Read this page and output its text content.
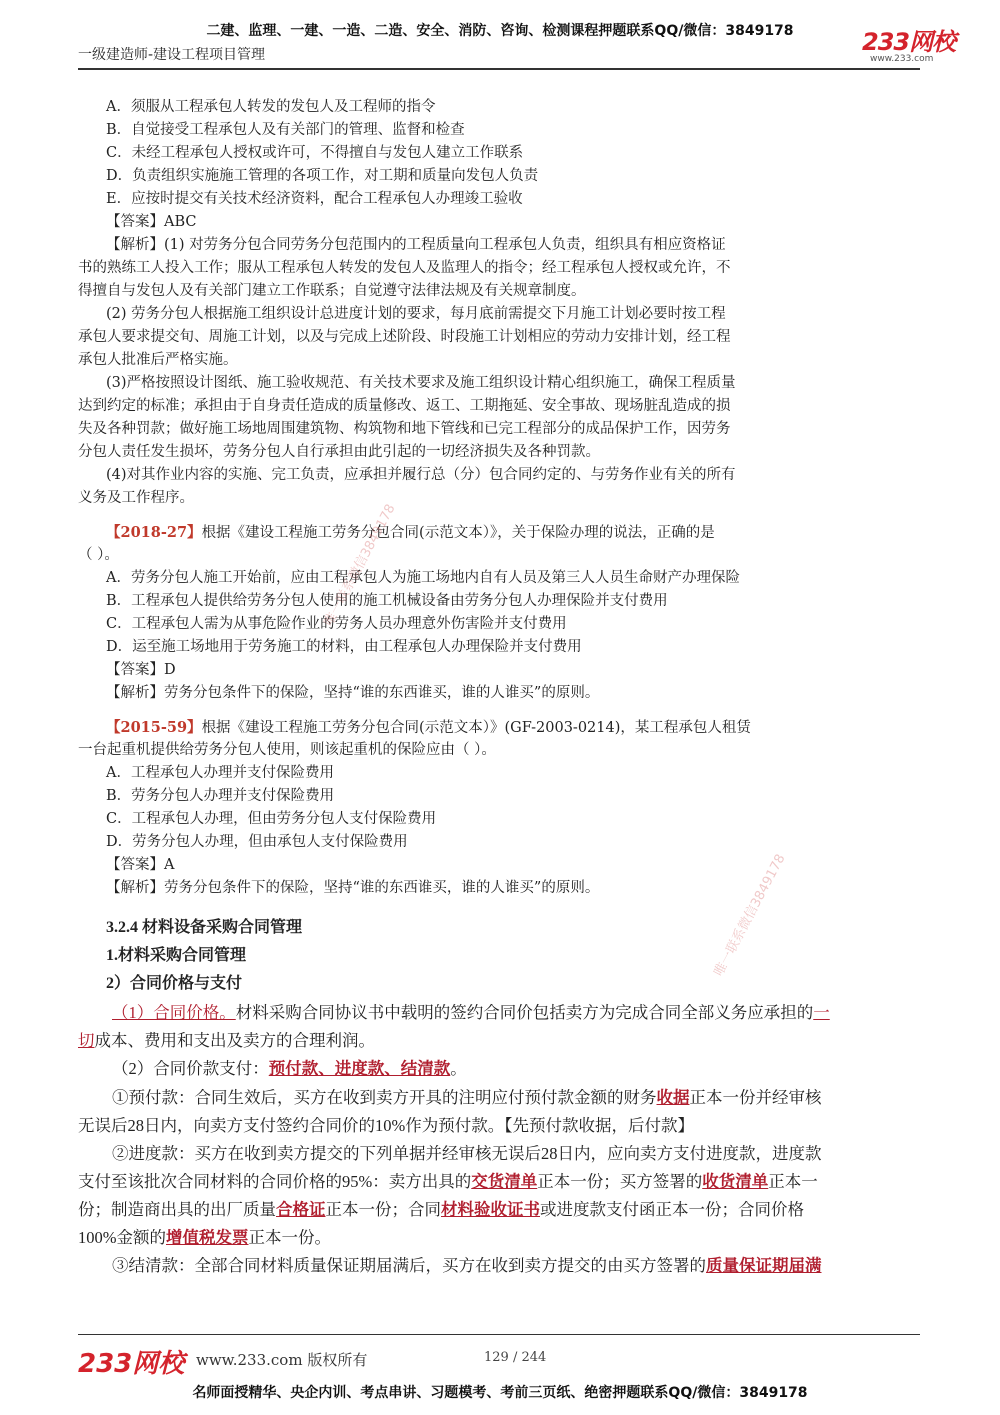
二建、监理、一建、一造、二造、安全、消防、咨询、检测课程押题联系QQ/微信：3849178
一级建造师-建设工程项目管理	233网校
www.233.com
A．须服从工程承包人转发的发包人及工程师的指令
B．自觉接受工程承包人及有关部门的管理、监督和检查
C．未经工程承包人授权或许可，不得擅自与发包人建立工作联系
D．负责组织实施施工管理的各项工作，对工期和质量向发包人负责
E．应按时提交有关技术经济资料，配合工程承包人办理竣工验收
【答案】ABC
【解析】(1) 对劳务分包合同劳务分包范围内的工程质量向工程承包人负责，组织具有相应资格证
书的熟练工人投入工作；服从工程承包人转发的发包人及监理人的指令；经工程承包人授权或允许，不
得擅自与发包人及有关部门建立工作联系；自觉遵守法律法规及有关规章制度。
(2) 劳务分包人根据施工组织设计总进度计划的要求，每月底前需提交下月施工计划必要时按工程
承包人要求提交旬、周施工计划，以及与完成上述阶段、时段施工计划相应的劳动力安排计划，经工程
承包人批准后严格实施。
(3)严格按照设计图纸、施工验收规范、有关技术要求及施工组织设计精心组织施工，确保工程质量
达到约定的标准；承担由于自身责任造成的质量修改、返工、工期拖延、安全事故、现场脏乱造成的损
失及各种罚款；做好施工场地周围建筑物、构筑物和地下管线和已完工程部分的成品保护工作，因劳务
分包人责任发生损坏，劳务分包人自行承担由此引起的一切经济损失及各种罚款。
(4)对其作业内容的实施、完工负责，应承担并履行总（分）包合同约定的、与劳务作业有关的所有
义务及工作程序。
【2018-27】根据《建设工程施工劳务分包合同(示范文本）》，关于保险办理的说法，正确的是
（ ）。
A．劳务分包人施工开始前，应由工程承包人为施工场地内自有人员及第三人人员生命财产办理保险
B．工程承包人提供给劳务分包人使用的施工机械设备由劳务分包人办理保险并支付费用
C．工程承包人需为从事危险作业的劳务人员办理意外伤害险并支付费用
D．运至施工场地用于劳务施工的材料，由工程承包人办理保险并支付费用
【答案】D
【解析】劳务分包条件下的保险，坚持“谁的东西谁买，谁的人谁买”的原则。
【2015-59】根据《建设工程施工劳务分包合同(示范文本）》(GF-2003-0214)，某工程承包人租赁
一台起重机提供给劳务分包人使用，则该起重机的保险应由（ ）。
A．工程承包人办理并支付保险费用
B．劳务分包人办理并支付保险费用
C．工程承包人办理，但由劳务分包人支付保险费用
D．劳务分包人办理，但由承包人支付保险费用
【答案】A
【解析】劳务分包条件下的保险，坚持“谁的东西谁买，谁的人谁买”的原则。
3.2.4 材料设备采购合同管理
1.材料采购合同管理
2）合同价格与支付
（1）合同价格。材料采购合同协议书中载明的签约合同价包括卖方为完成合同全部义务应承担的一
切成本、费用和支出及卖方的合理利润。
（2）合同价款支付：预付款、进度款、结清款。
①预付款：合同生效后，买方在收到卖方开具的注明应付预付款金额的财务收据正本一份并经审核
无误后28日内，向卖方支付签约合同价的10%作为预付款。【先预付款收据，后付款】
②进度款：买方在收到卖方提交的下列单据并经审核无误后28日内，应向卖方支付进度款，进度款
支付至该批次合同材料的合同价格的95%：卖方出具的交货清单正本一份；买方签署的收货清单正本一
份；制造商出具的出厂质量合格证正本一份；合同材料验收证书或进度款支付函正本一份；合同价格
100%金额的增值税发票正本一份。
③结清款：全部合同材料质量保证期届满后，买方在收到卖方提交的由买方签署的质量保证期届满
唯一联系微信3849178
唯一联系微信3849178
233网校 www.233.com 版权所有	129 / 244
名师面授精华、央企内训、考点串讲、习题模考、考前三页纸、绝密押题联系QQ/微信：3849178
